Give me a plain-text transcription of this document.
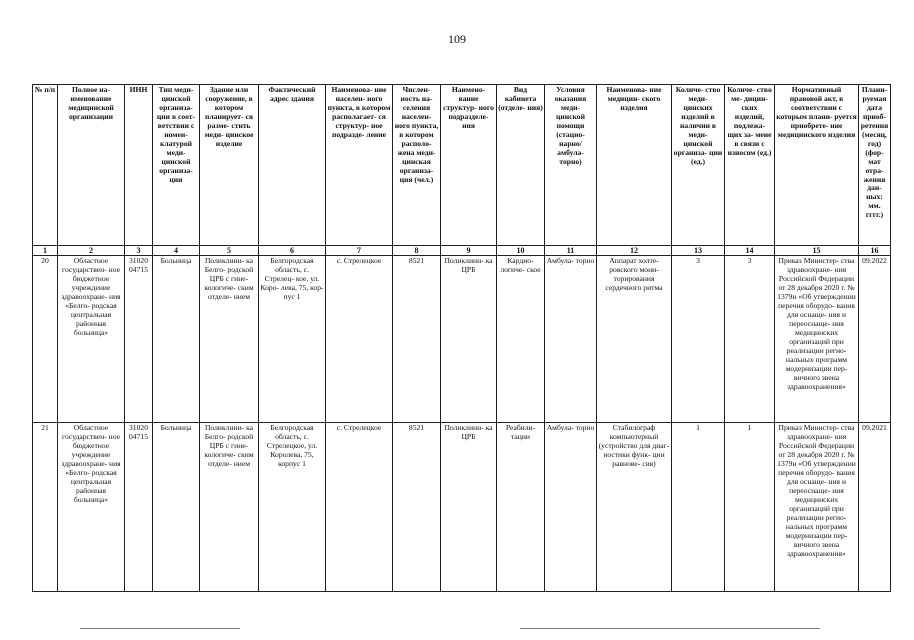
109
№ п/п	Полное на- именование медицинской организации	ИНН	Тип меди- цинской организа- ции в соот- ветствии с номен- клатурой меди- цинской организа- ции	Здание или сооружение, в котором планирует- ся разме- стить меди- цинское изделие	Фактический адрес здания	Наименова- ние населен- ного пункта, в котором располагает- ся структур- ное подразде- ление	Числен- ность на- селения населен- ного пункта, в котором располо- жена меди- цинская организа- ция (чел.)	Наимено- вание структур- ного подразделе- ния	Вид кабинета (отделе- ния)	Условия оказания меди- цинской помощи (стацио- нарно/ амбула- торно)	Наименова- ние медицин- ского изделия	Количе- ство меди- цинских изделий в наличии в меди- цинской организа- ции (ед.)	Количе- ство ме- дицин- ских изделий, подлежа- щих за- мене в связи с износом (ед.)	Нормативный правовой акт, в соответствии с которым плани- руется приобрете- ние медицинского изделия	Плани- руемая дата приоб- ретения (месяц, год) (фор- мат отра- жения дан- ных: мм. гггг.)
1	2	3	4	5	6	7	8	9	10	11	12	13	14	15	16
20	Областное государствен- ное бюджетное учреждение здравоохране- ния «Белго- родская центральная районная больница»	31020 04715	Больница	Поликлини- ка Белго- родской ЦРБ с гине- кологиче- ским отделе- нием	Белгородская область, с. Стрелец- кое, ул. Коро- лева, 75, кор- пус 1	с. Стрелецкое	8521	Поликлини- ка ЦРБ	Кардио- логиче- ское	Амбула- торно	Аппарат холте- ровского мони- торирования сердечного ритма	3	3	Приказ Министер- ства здравоохране- ния Российской Федерации от 28 декабря 2020 г. № 1379н «Об утверждении перечня оборудо- вания для оснаще- ния и переоснаще- ния медицинских организаций при реализации регио- нальных программ модернизации пер- вичного звена здравоохранения»	09.2022
21	Областное государствен- ное бюджетное учреждение здравоохране- ния «Белго- родская центральная районная больница»	31020 04715	Больница	Поликлини- ка Белго- родской ЦРБ с гине- кологиче- ским отделе- нием	Белгородская область, с. Стрелецкое, ул. Королева, 75, корпус 1	с. Стрелецкое	8521	Поликлини- ка ЦРБ	Реабили- тации	Амбула- торно	Стабилограф компьютерный (устройство для диаг- ностики функ- ции равнове- сия)	1	1	Приказ Министер- ства здравоохране- ния Российской Федерации от 28 декабря 2020 г. № 1379н «Об утверждении перечня оборудо- вания для оснаще- ния и переоснаще- ния медицинских организаций при реализации регио- нальных программ модернизации пер- вичного звена здравоохранения»	09.2021
